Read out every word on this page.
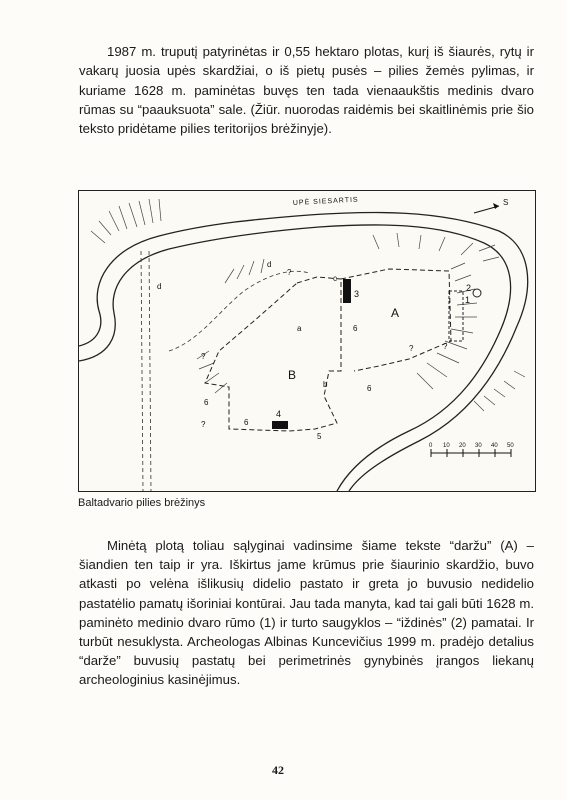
1987 m. truputį patyrinėtas ir 0,55 hektaro plotas, kurį iš šiaurės, rytų ir vakarų juosia upės skardžiai, o iš pietų pusės – pilies žemės pylimas, ir kuriame 1628 m. paminėtas buvęs ten tada vienaaukštis medinis dvaro rūmas su “paauksuota” sale. (Žiūr. nuorodas raidėmis bei skaitlinėmis prie šio teksto pridėtame pilies teritorijos brėžinyje).

0 10 20 30 40 50
S
UPĖ SIESARTIS
A
B
1
2
3
4
5
6
6
6
6
a
b
c
d
d
?
?	?
?
?

Baltadvario pilies brėžinys

Minėtą plotą toliau sąlyginai vadinsime šiame tekste “daržu” (A) – šiandien ten taip ir yra. Iškirtus jame krūmus prie šiaurinio skardžio, buvo atkasti po velėna išlikusių didelio pastato ir greta jo buvusio nedidelio pastatėlio pamatų išoriniai kontūrai. Jau tada manyta, kad tai gali būti 1628 m. paminėto medinio dvaro rūmo (1) ir turto saugyklos – “iždinės” (2) pamatai. Ir turbūt nesuklysta. Archeologas Albinas Kuncevičius 1999 m. pradėjo detalius “darže” buvusių pastatų bei perimetrinės gynybinės įrangos liekanų archeologinius kasinėjimus.

42
